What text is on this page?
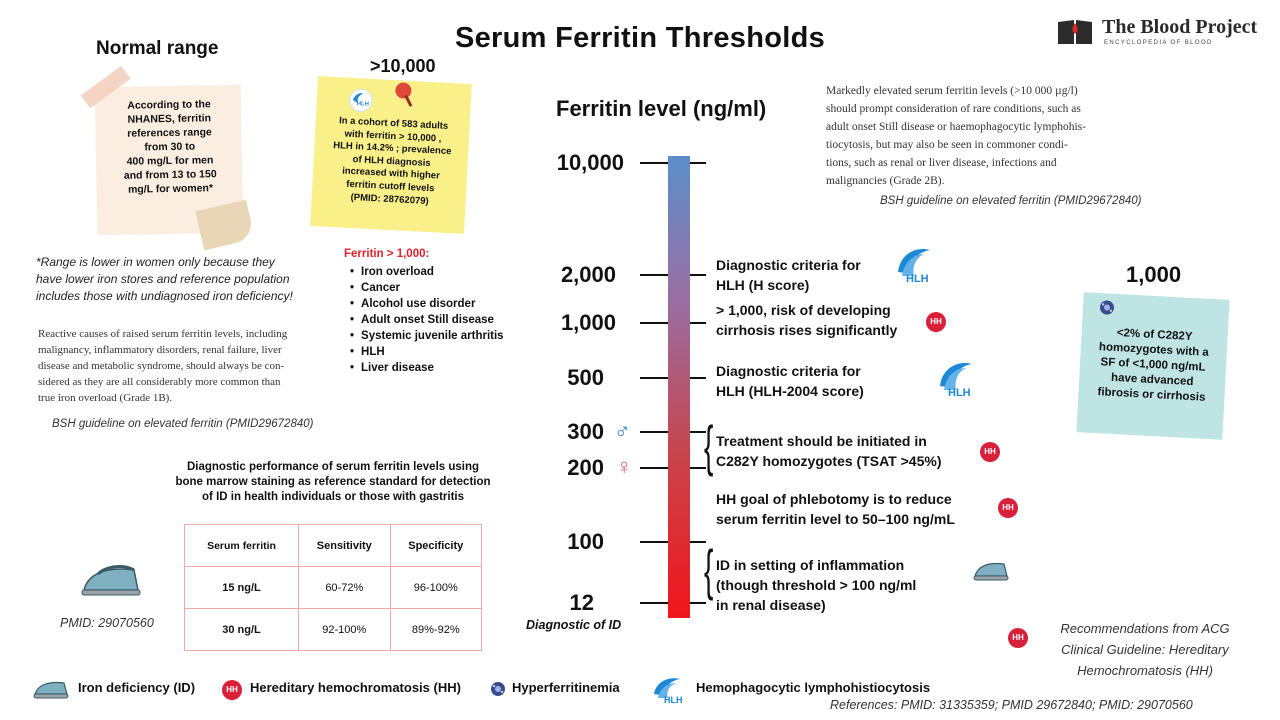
Serum Ferritin Thresholds	The Blood Project
ENCYCLOPEDIA OF BLOOD
Normal range
According to the
NHANES, ferritin
references range
from 30 to
400 mg/L for men
and from 13 to 150
mg/L for women*
>10,000
HLH
In a cohort of 583 adults
with ferritin > 10,000 ,
HLH in 14.2% ; prevalence
of HLH diagnosis
increased with higher
ferritin cutoff levels
(PMID: 28762079)
*Range is lower in women only because they
have lower iron stores and reference population
includes those with undiagnosed iron deficiency!
Reactive causes of raised serum ferritin levels, including
malignancy, inflammatory disorders, renal failure, liver
disease and metabolic syndrome, should always be con-
sidered as they are all considerably more common than
true iron overload (Grade 1B).
BSH guideline on elevated ferritin (PMID29672840)
Ferritin > 1,000:
• Iron overload
• Cancer
• Alcohol use disorder
• Adult onset Still disease
• Systemic juvenile arthritis
• HLH
• Liver disease
Diagnostic performance of serum ferritin levels using
bone marrow staining as reference standard for detection
of ID in health individuals or those with gastritis
Serum ferritin	Sensitivity	Specificity
15 ng/L	60-72%	96-100%
30 ng/L	92-100%	89%-92%
PMID: 29070560
Ferritin level (ng/ml)
10,000
2,000
1,000
500
300 ♂
200 ♀
100
12
Diagnostic of ID
Diagnostic criteria for
HLH (H score)	HLH
> 1,000, risk of developing
cirrhosis rises significantly
HH
Diagnostic criteria for
HLH (HLH-2004 score)	HLH
{ Treatment should be initiated in
C282Y homozygotes (TSAT >45%)
HH
HH goal of phlebotomy is to reduce
serum ferritin level to 50–100 ng/mL
HH
{ ID in setting of inflammation
(though threshold > 100 ng/ml
in renal disease)
Markedly elevated serum ferritin levels (>10 000 µg/l)
should prompt consideration of rare conditions, such as
adult onset Still disease or haemophagocytic lymphohis-
tiocytosis, but may also be seen in commoner condi-
tions, such as renal or liver disease, infections and
malignancies (Grade 2B).
BSH guideline on elevated ferritin (PMID29672840)
1,000
<2% of C282Y
homozygotes with a
SF of <1,000 ng/mL
have advanced
fibrosis or cirrhosis
HH
Recommendations from ACG
Clinical Guideline: Hereditary
Hemochromatosis (HH)
Iron deficiency (ID)	HH Hereditary hemochromatosis (HH)	Hyperferritinemia
HLH
Hemophagocytic lymphohistiocytosis
References: PMID: 31335359; PMID 29672840; PMID: 29070560
